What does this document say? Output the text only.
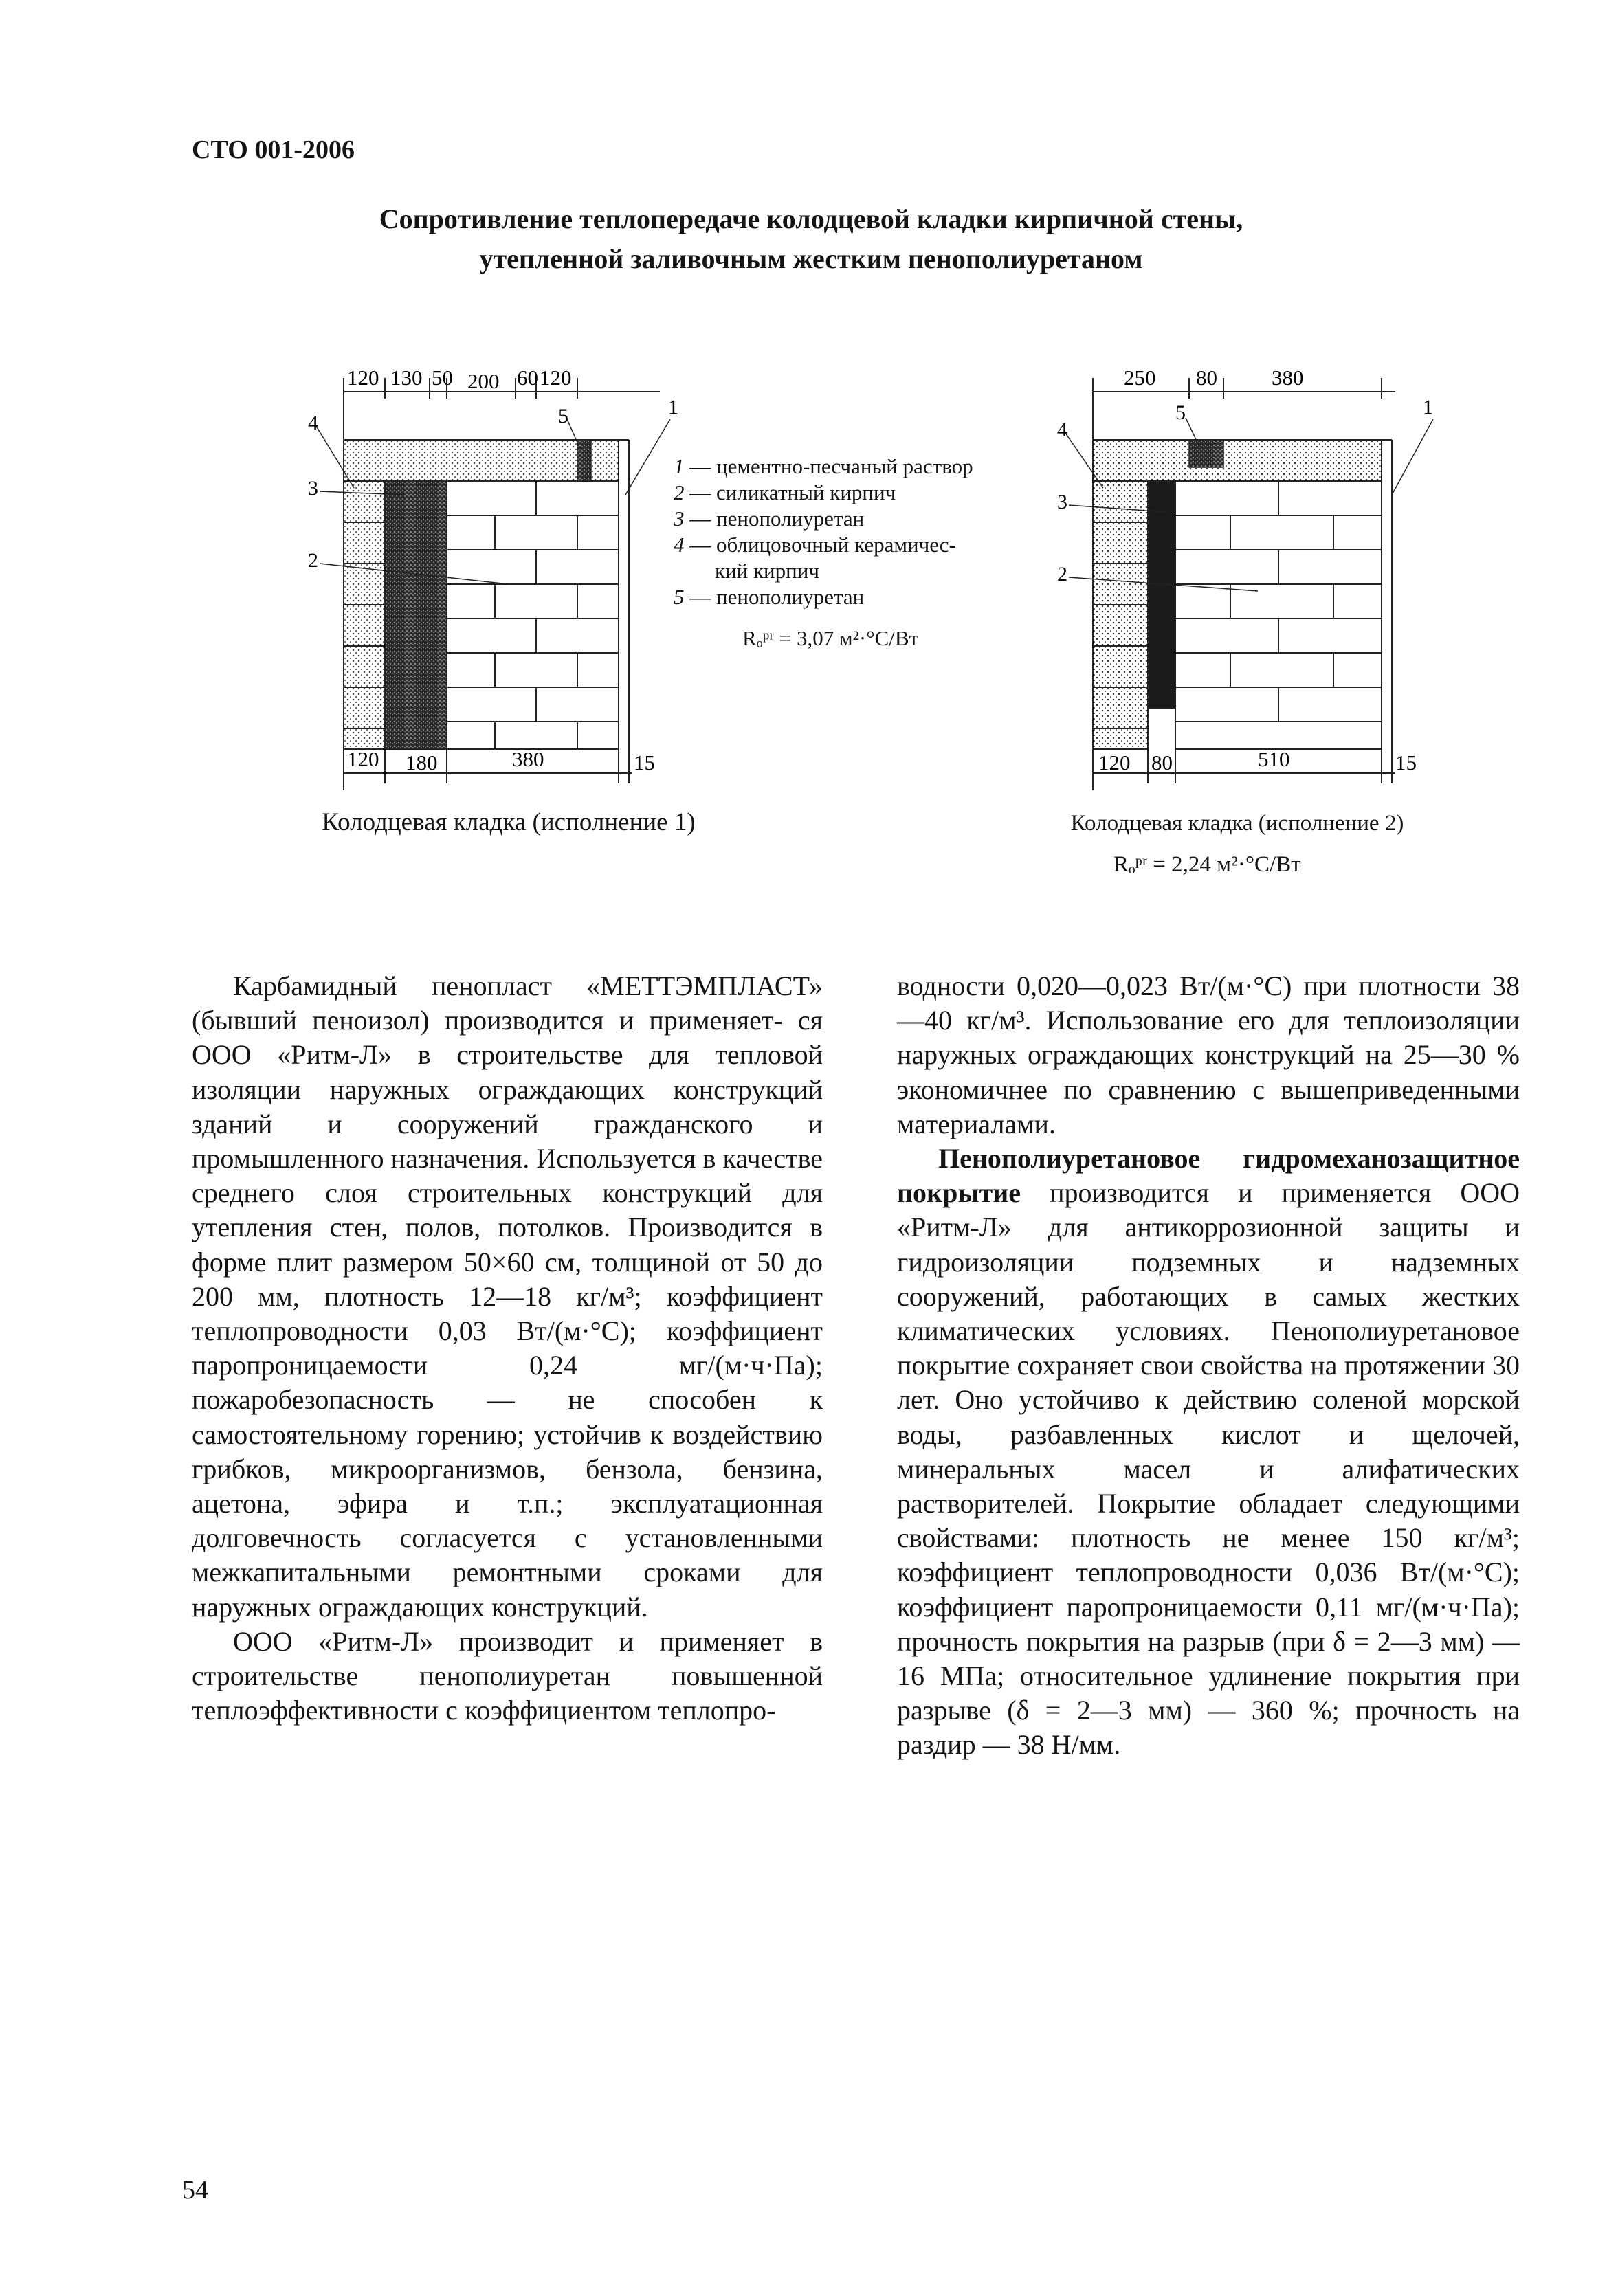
СТО 001-2006
Сопротивление теплопередаче колодцевой кладки кирпичной стены,
утепленной заливочным жестким пенополиуретаном
120 130 50 200 60 120
4
3
2
5	1
120 180	380	15
Колодцевая кладка (исполнение 1)
1 — цементно-песчаный раствор
2 — силикатный кирпич
3 — пенополиуретан
4 — облицовочный керамичес-
кий кирпич
5 — пенополиуретан
Rₒᵖʳ = 3,07 м²·°С/Вт
250 80	380
4
3
2
5	1
120 80	510	15
Колодцевая кладка (исполнение 2)
Rₒᵖʳ = 2,24 м²·°С/Вт

Карбамидный пенопласт «МЕТТЭМПЛАСТ» (бывший пеноизол) производится и применяет- ся ООО «Ритм-Л» в строительстве для тепловой изоляции наружных ограждающих конструкций зданий и сооружений гражданского и промышленного назначения. Используется в качестве среднего слоя строительных конструкций для утепления стен, полов, потолков. Производится в форме плит размером 50×60 см, толщиной от 50 до 200 мм, плотность 12—18 кг/м³; коэффициент теплопроводности 0,03 Вт/(м·°С); коэффициент паропроницаемости 0,24 мг/(м·ч·Па); пожаробезопасность — не способен к самостоятельному горению; устойчив к воздействию грибков, микроорганизмов, бензола, бензина, ацетона, эфира и т.п.; эксплуатационная долговечность согласуется с установленными межкапитальными ремонтными сроками для наружных ограждающих конструкций.

ООО «Ритм-Л» производит и применяет в строительстве пенополиуретан повышенной теплоэффективности с коэффициентом теплопро-

водности 0,020—0,023 Вт/(м·°С) при плотности 38—40 кг/м³. Использование его для теплоизоляции наружных ограждающих конструкций на 25—30 % экономичнее по сравнению с вышеприведенными материалами.

Пенополиуретановое гидромеханозащитное покрытие производится и применяется ООО «Ритм-Л» для антикоррозионной защиты и гидроизоляции подземных и надземных сооружений, работающих в самых жестких климатических условиях. Пенополиуретановое покрытие сохраняет свои свойства на протяжении 30 лет. Оно устойчиво к действию соленой морской воды, разбавленных кислот и щелочей, минеральных масел и алифатических растворителей. Покрытие обладает следующими свойствами: плотность не менее 150 кг/м³; коэффициент теплопроводности 0,036 Вт/(м·°С); коэффициент паропроницаемости 0,11 мг/(м·ч·Па); прочность покрытия на разрыв (при δ = 2—3 мм) — 16 МПа; относительное удлинение покрытия при разрыве (δ = 2—3 мм) — 360 %; прочность на раздир — 38 Н/мм.

54
